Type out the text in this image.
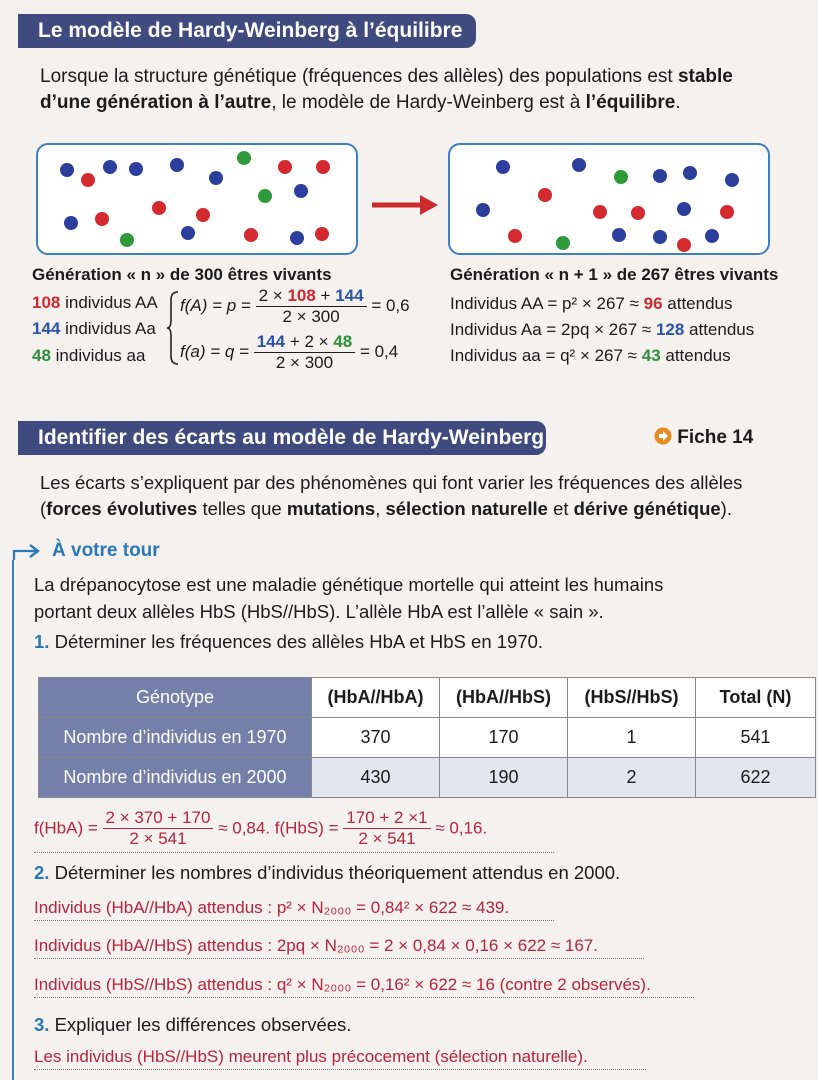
Le modèle de Hardy-Weinberg à l’équilibre
Lorsque la structure génétique (fréquences des allèles) des populations est stable
d’une génération à l’autre, le modèle de Hardy-Weinberg est à l’équilibre.
Génération « n » de 300 êtres vivants	Génération « n + 1 » de 267 êtres vivants
108 individus AA
144 individus Aa
48 individus aa
$f(A) = p = \frac{2 \times 108 + 144}{2 \times 300} = 0,6$
$f(a) = q = \frac{144 + 2 \times 48}{2 \times 300} = 0,4$
Individus AA = p² × 267 ≈ 96 attendus
Individus Aa = 2pq × 267 ≈ 128 attendus
Individus aa = q² × 267 ≈ 43 attendus
Identifier des écarts au modèle de Hardy-Weinberg	Fiche 14
Les écarts s’expliquent par des phénomènes qui font varier les fréquences des allèles
(forces évolutives telles que mutations, sélection naturelle et dérive génétique).
À votre tour
La drépanocytose est une maladie génétique mortelle qui atteint les humains
portant deux allèles HbS (HbS//HbS). L’allèle HbA est l’allèle « sain ».
1. Déterminer les fréquences des allèles HbA et HbS en 1970.
Génotype	(HbA//HbA)	(HbA//HbS)	(HbS//HbS)	Total (N)
Nombre d’individus en 1970	370	170	1	541
Nombre d’individus en 2000	430	190	2	622
$f(HbA) = \frac{2 \times 370 + 170}{2 \times 541} \approx 0,84$. $f(HbS) = \frac{170 + 2 \times 1}{2 \times 541} \approx 0,16$.
2. Déterminer les nombres d’individus théoriquement attendus en 2000.
Individus (HbA//HbA) attendus : p² × N₂₀₀₀ = 0,84² × 622 ≈ 439.
Individus (HbA//HbS) attendus : 2pq × N₂₀₀₀ = 2 × 0,84 × 0,16 × 622 ≈ 167.
Individus (HbS//HbS) attendus : q² × N₂₀₀₀ = 0,16² × 622 ≈ 16 (contre 2 observés).
3. Expliquer les différences observées.
Les individus (HbS//HbS) meurent plus précocement (sélection naturelle).
